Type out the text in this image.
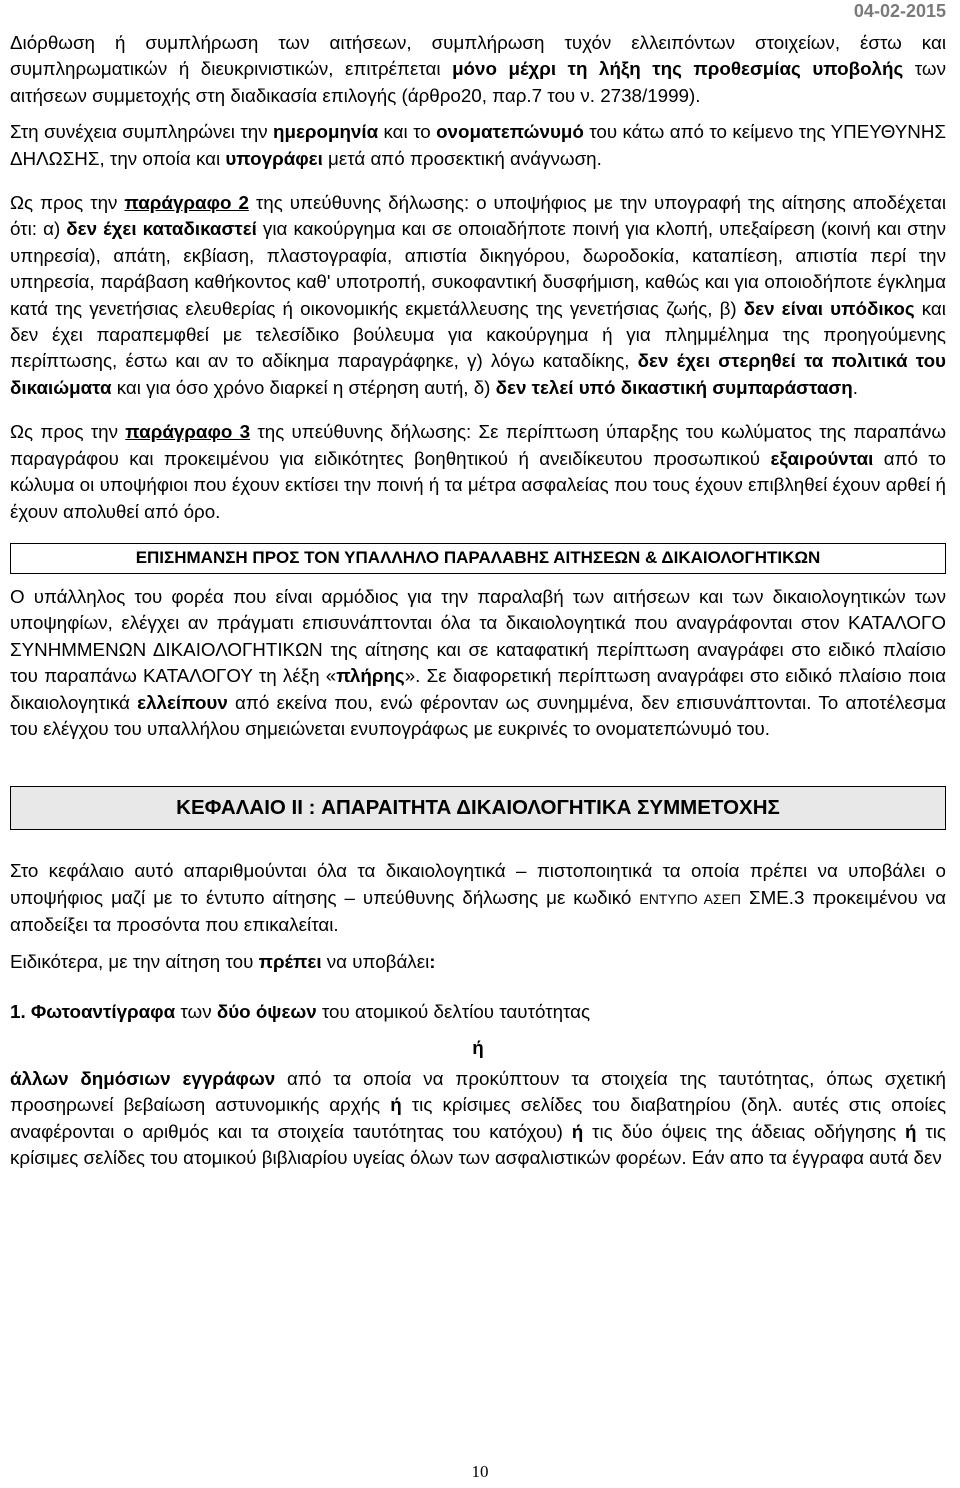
04-02-2015

Διόρθωση ή συμπλήρωση των αιτήσεων, συμπλήρωση τυχόν ελλειπόντων στοιχείων, έστω και συμπληρωματικών ή διευκρινιστικών, επιτρέπεται μόνο μέχρι τη λήξη της προθεσμίας υποβολής των αιτήσεων συμμετοχής στη διαδικασία επιλογής (άρθρο20, παρ.7 του ν. 2738/1999).

Στη συνέχεια συμπληρώνει την ημερομηνία και το ονοματεπώνυμό του κάτω από το κείμενο της ΥΠΕΥΘΥΝΗΣ ΔΗΛΩΣΗΣ, την οποία και υπογράφει μετά από προσεκτική ανάγνωση.

Ως προς την παράγραφο 2 της υπεύθυνης δήλωσης: ο υποψήφιος με την υπογραφή της αίτησης αποδέχεται ότι: α) δεν έχει καταδικαστεί για κακούργημα και σε οποιαδήποτε ποινή για κλοπή, υπεξαίρεση (κοινή και στην υπηρεσία), απάτη, εκβίαση, πλαστογραφία, απιστία δικηγόρου, δωροδοκία, καταπίεση, απιστία περί την υπηρεσία, παράβαση καθήκοντος καθ' υποτροπή, συκοφαντική δυσφήμιση, καθώς και για οποιοδήποτε έγκλημα κατά της γενετήσιας ελευθερίας ή οικονομικής εκμετάλλευσης της γενετήσιας ζωής, β) δεν είναι υπόδικος και δεν έχει παραπεμφθεί με τελεσίδικο βούλευμα για κακούργημα ή για πλημμέλημα της προηγούμενης περίπτωσης, έστω και αν το αδίκημα παραγράφηκε, γ) λόγω καταδίκης, δεν έχει στερηθεί τα πολιτικά του δικαιώματα και για όσο χρόνο διαρκεί η στέρηση αυτή, δ) δεν τελεί υπό δικαστική συμπαράσταση.

Ως προς την παράγραφο 3 της υπεύθυνης δήλωσης: Σε περίπτωση ύπαρξης του κωλύματος της παραπάνω παραγράφου και προκειμένου για ειδικότητες βοηθητικού ή ανειδίκευτου προσωπικού εξαιρούνται από το κώλυμα οι υποψήφιοι που έχουν εκτίσει την ποινή ή τα μέτρα ασφαλείας που τους έχουν επιβληθεί έχουν αρθεί ή έχουν απολυθεί από όρο.

ΕΠΙΣΗΜΑΝΣΗ ΠΡΟΣ ΤΟΝ ΥΠΑΛΛΗΛΟ ΠΑΡΑΛΑΒΗΣ ΑΙΤΗΣΕΩΝ & ΔΙΚΑΙΟΛΟΓΗΤΙΚΩΝ

Ο υπάλληλος του φορέα που είναι αρμόδιος για την παραλαβή των αιτήσεων και των δικαιολογητικών των υποψηφίων, ελέγχει αν πράγματι επισυνάπτονται όλα τα δικαιολογητικά που αναγράφονται στον ΚΑΤΑΛΟΓΟ ΣΥΝΗΜΜΕΝΩΝ ΔΙΚΑΙΟΛΟΓΗΤΙΚΩΝ της αίτησης και σε καταφατική περίπτωση αναγράφει στο ειδικό πλαίσιο του παραπάνω ΚΑΤΑΛΟΓΟΥ τη λέξη «πλήρης». Σε διαφορετική περίπτωση αναγράφει στο ειδικό πλαίσιο ποια δικαιολογητικά ελλείπουν από εκείνα που, ενώ φέρονταν ως συνημμένα, δεν επισυνάπτονται. Το αποτέλεσμα του ελέγχου του υπαλλήλου σημειώνεται ενυπογράφως με ευκρινές το ονοματεπώνυμό του.

ΚΕΦΑΛΑΙΟ II : ΑΠΑΡΑΙΤΗΤΑ ΔΙΚΑΙΟΛΟΓΗΤΙΚΑ ΣΥΜΜΕΤΟΧΗΣ

Στο κεφάλαιο αυτό απαριθμούνται όλα τα δικαιολογητικά – πιστοποιητικά τα οποία πρέπει να υποβάλει ο υποψήφιος μαζί με το έντυπο αίτησης – υπεύθυνης δήλωσης με κωδικό ΕΝΤΥΠΟ ΑΣΕΠ ΣΜΕ.3 προκειμένου να αποδείξει τα προσόντα που επικαλείται.

Ειδικότερα, με την αίτηση του πρέπει να υποβάλει:

1. Φωτοαντίγραφα των δύο όψεων του ατομικού δελτίου ταυτότητας

ή

άλλων δημόσιων εγγράφων από τα οποία να προκύπτουν τα στοιχεία της ταυτότητας, όπως σχετική προσηρωνεί βεβαίωση αστυνομικής αρχής ή τις κρίσιμες σελίδες του διαβατηρίου (δηλ. αυτές στις οποίες αναφέρονται ο αριθμός και τα στοιχεία ταυτότητας του κατόχου) ή τις δύο όψεις της άδειας οδήγησης ή τις κρίσιμες σελίδες του ατομικού βιβλιαρίου υγείας όλων των ασφαλιστικών φορέων. Εάν απο τα έγγραφα αυτά δεν

10
